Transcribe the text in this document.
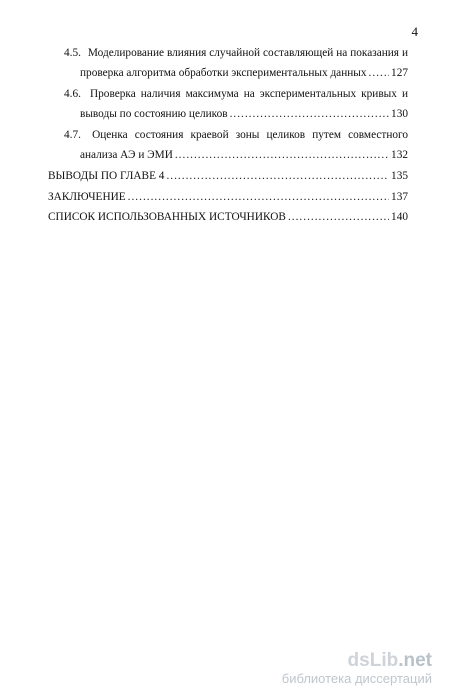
4
4.5. Моделирование влияния случайной составляющей на показания и
проверка алгоритма обработки экспериментальных данных ..... 127
4.6. Проверка наличия максимума на экспериментальных кривых и
выводы по состоянию целиков .....	130
4.7. Оценка состояния краевой зоны целиков путем совместного
анализа АЭ и ЭМИ .....	132
ВЫВОДЫ ПО ГЛАВЕ 4 .....	135
ЗАКЛЮЧЕНИЕ .....	137
СПИСОК ИСПОЛЬЗОВАННЫХ ИСТОЧНИКОВ .....	140
dsLib.net
библиотека диссертаций
